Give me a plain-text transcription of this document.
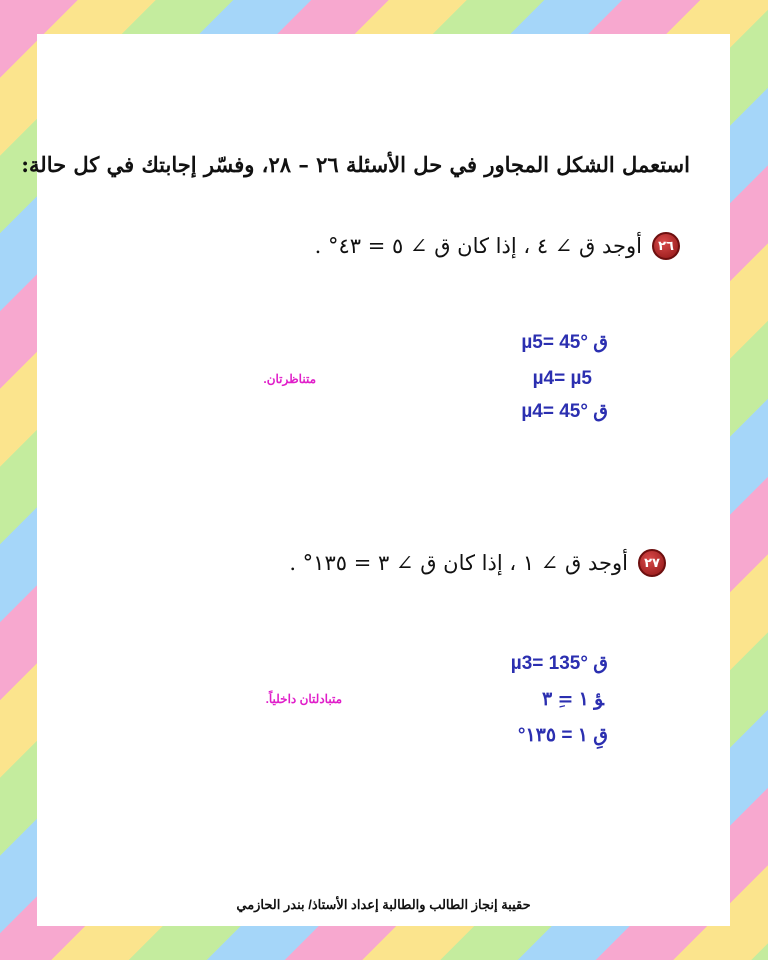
استعمل الشكل المجاور في حل الأسئلة ٢٦ – ٢٨، وفسّر إجابتك في كل حالة:
٢٦
أوجد ق ∠ ٤ ، إذا كان ق ∠ ٥ = ٤٣° .
ق µ5= 45°
µ4= µ5
ق µ4= 45°
متناظرتان.
٢٧
أوجد ق ∠ ١ ، إذا كان ق ∠ ٣ = ١٣٥° .
ق µ3= 135°
ﺆ ١ =ِ ٣
قِ ١ = ١٣٥°
متبادلتان داخلياً.
حقيبة إنجاز الطالب والطالبة إعداد الأستاذ/ بندر الحازمي
